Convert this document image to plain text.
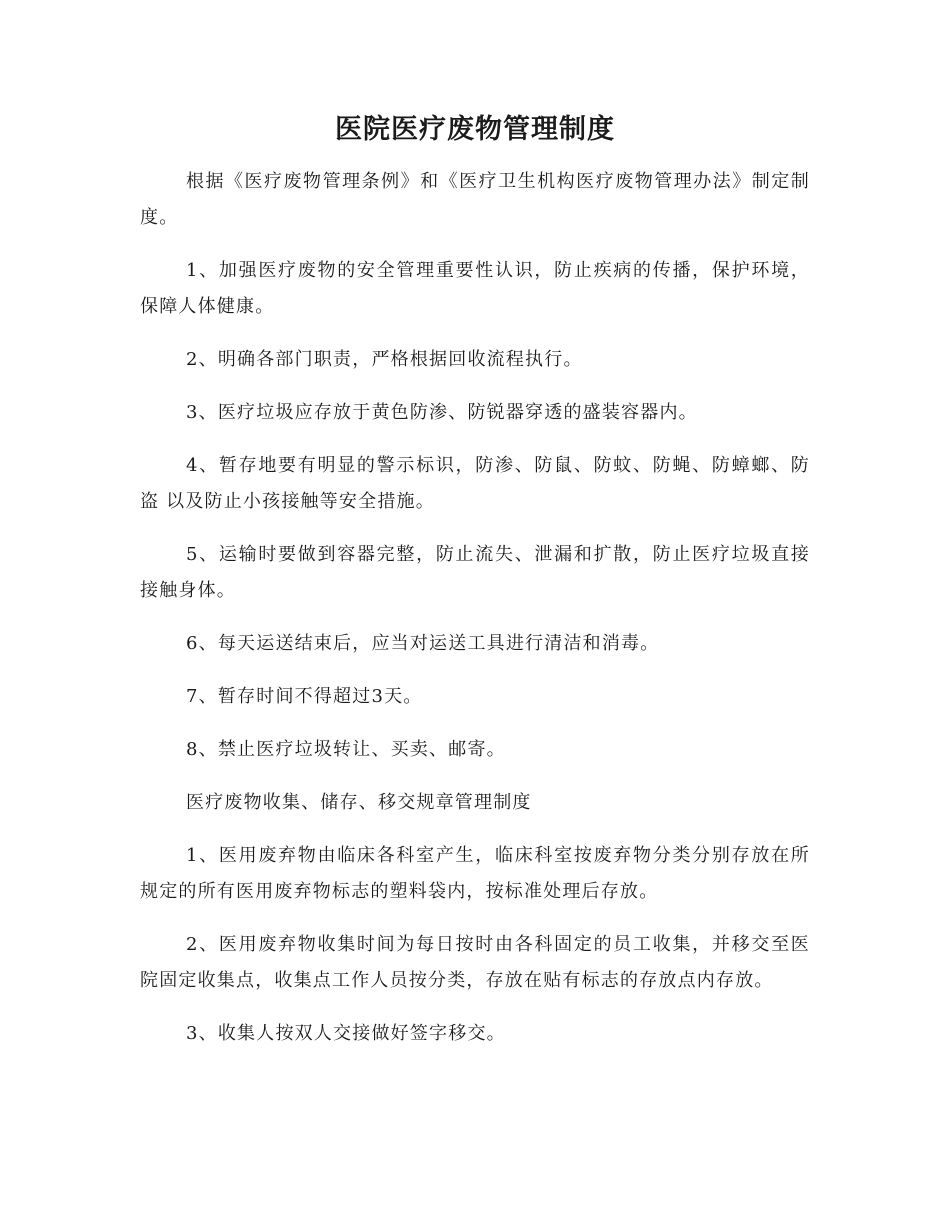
医院医疗废物管理制度

根据《医疗废物管理条例》和《医疗卫生机构医疗废物管理办法》制定制度。

1、加强医疗废物的安全管理重要性认识，防止疾病的传播，保护环境，保障人体健康。

2、明确各部门职责，严格根据回收流程执行。

3、医疗垃圾应存放于黄色防渗、防锐器穿透的盛装容器内。

4、暂存地要有明显的警示标识，防渗、防鼠、防蚊、防蝇、防蟑螂、防盗 以及防止小孩接触等安全措施。

5、运输时要做到容器完整，防止流失、泄漏和扩散，防止医疗垃圾直接接触身体。

6、每天运送结束后，应当对运送工具进行清洁和消毒。

7、暂存时间不得超过3天。

8、禁止医疗垃圾转让、买卖、邮寄。

医疗废物收集、储存、移交规章管理制度

1、医用废弃物由临床各科室产生，临床科室按废弃物分类分别存放在所规定的所有医用废弃物标志的塑料袋内，按标准处理后存放。

2、医用废弃物收集时间为每日按时由各科固定的员工收集，并移交至医院固定收集点，收集点工作人员按分类，存放在贴有标志的存放点内存放。

3、收集人按双人交接做好签字移交。
